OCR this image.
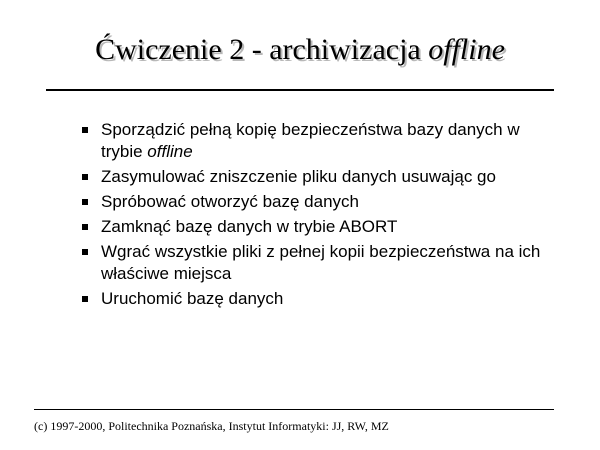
Ćwiczenie 2 - archiwizacja offline
Sporządzić pełną kopię bezpieczeństwa bazy danych w trybie offline
Zasymulować zniszczenie pliku danych usuwając go
Spróbować otworzyć bazę danych
Zamknąć bazę danych w trybie ABORT
Wgrać wszystkie pliki z pełnej kopii bezpieczeństwa na ich właściwe miejsca
Uruchomić bazę danych
(c) 1997-2000, Politechnika Poznańska, Instytut Informatyki: JJ, RW, MZ
